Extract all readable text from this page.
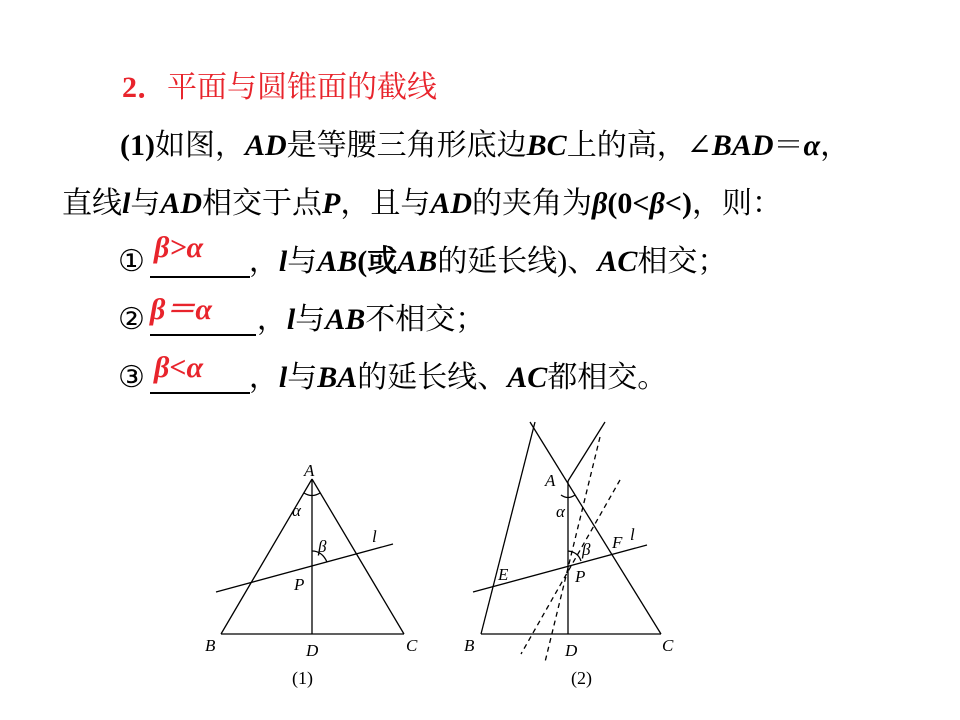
2．平面与圆锥面的截线
(1)如图，AD是等腰三角形底边BC上的高，∠BAD＝α，
直线l与AD相交于点P，且与AD的夹角为β(0<β<)，则：
①	，l与AB(或AB的延长线)、AC相交；
β>α
②	，l与AB不相交；
β＝α
③	，l与BA的延长线、AC都相交。
β<α
A
B	C
D
P
l
α
β
(1)
A
B	C
D
P
E
F l
α
β
(2)
